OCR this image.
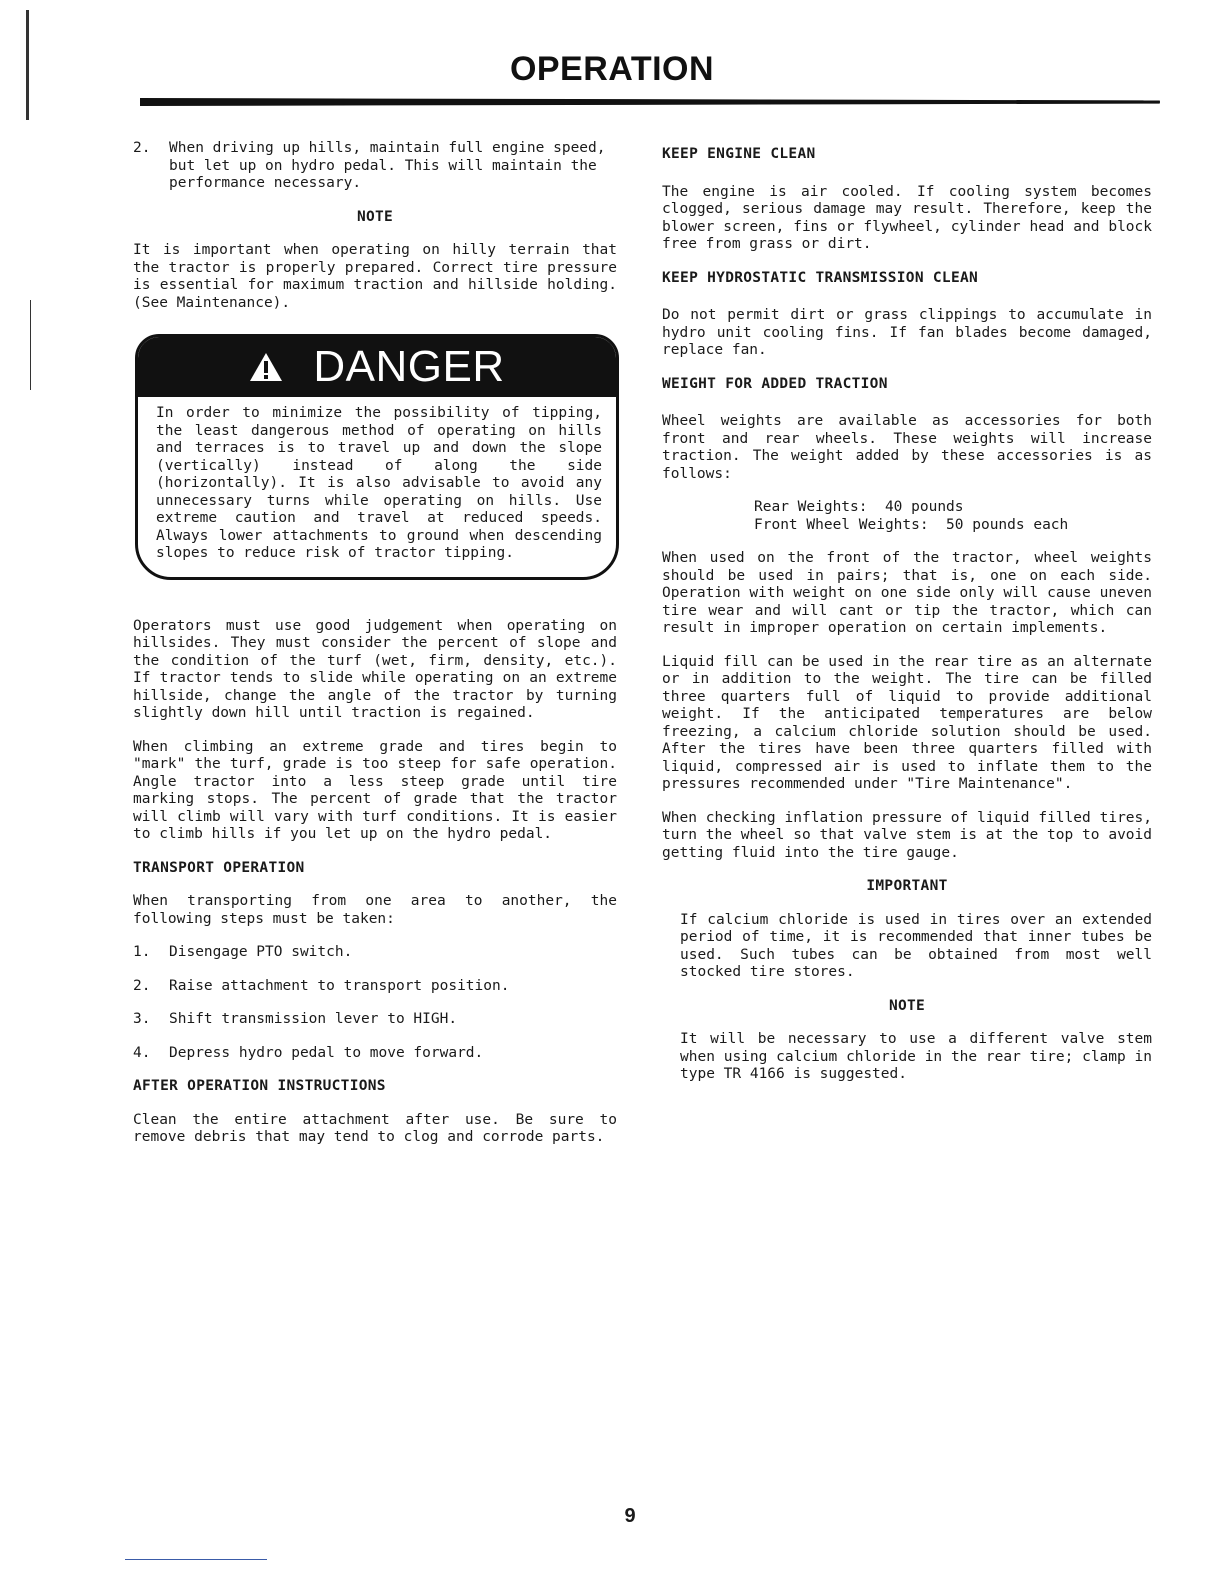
OPERATION
2.	When driving up hills, maintain full engine speed, but let up on hydro pedal. This will maintain the performance necessary.
NOTE

It is important when operating on hilly terrain that the tractor is properly prepared. Correct tire pressure is essential for maximum traction and hillside holding. (See Maintenance).

DANGER

In order to minimize the possibility of tipping, the least dangerous method of operating on hills and terraces is to travel up and down the slope (vertically) instead of along the side (horizontally). It is also advisable to avoid any unnecessary turns while operating on hills. Use extreme caution and travel at reduced speeds. Always lower attachments to ground when descending slopes to reduce risk of tractor tipping.

Operators must use good judgement when operating on hillsides. They must consider the percent of slope and the condition of the turf (wet, firm, density, etc.). If tractor tends to slide while operating on an extreme hillside, change the angle of the tractor by turning slightly down hill until traction is regained.

When climbing an extreme grade and tires begin to "mark" the turf, grade is too steep for safe operation. Angle tractor into a less steep grade until tire marking stops. The percent of grade that the tractor will climb will vary with turf conditions. It is easier to climb hills if you let up on the hydro pedal.

TRANSPORT OPERATION

When transporting from one area to another, the following steps must be taken:

1.	Disengage PTO switch.
2.	Raise attachment to transport position.
3.	Shift transmission lever to HIGH.
4.	Depress hydro pedal to move forward.
AFTER OPERATION INSTRUCTIONS

Clean the entire attachment after use. Be sure to remove debris that may tend to clog and corrode parts.

KEEP ENGINE CLEAN

The engine is air cooled. If cooling system becomes clogged, serious damage may result. Therefore, keep the blower screen, fins or flywheel, cylinder head and block free from grass or dirt.

KEEP HYDROSTATIC TRANSMISSION CLEAN

Do not permit dirt or grass clippings to accumulate in hydro unit cooling fins. If fan blades become damaged, replace fan.

WEIGHT FOR ADDED TRACTION

Wheel weights are available as accessories for both front and rear wheels. These weights will increase traction. The weight added by these accessories is as follows:

Rear Weights:  40 pounds
Front Wheel Weights:  50 pounds each

When used on the front of the tractor, wheel weights should be used in pairs; that is, one on each side. Operation with weight on one side only will cause uneven tire wear and will cant or tip the tractor, which can result in improper operation on certain implements.

Liquid fill can be used in the rear tire as an alternate or in addition to the weight. The tire can be filled three quarters full of liquid to provide additional weight. If the anticipated temperatures are below freezing, a calcium chloride solution should be used. After the tires have been three quarters filled with liquid, compressed air is used to inflate them to the pressures recommended under "Tire Maintenance".

When checking inflation pressure of liquid filled tires, turn the wheel so that valve stem is at the top to avoid getting fluid into the tire gauge.

IMPORTANT

If calcium chloride is used in tires over an extended period of time, it is recommended that inner tubes be used. Such tubes can be obtained from most well stocked tire stores.

NOTE

It will be necessary to use a different valve stem when using calcium chloride in the rear tire; clamp in type TR 4166 is suggested.

9
